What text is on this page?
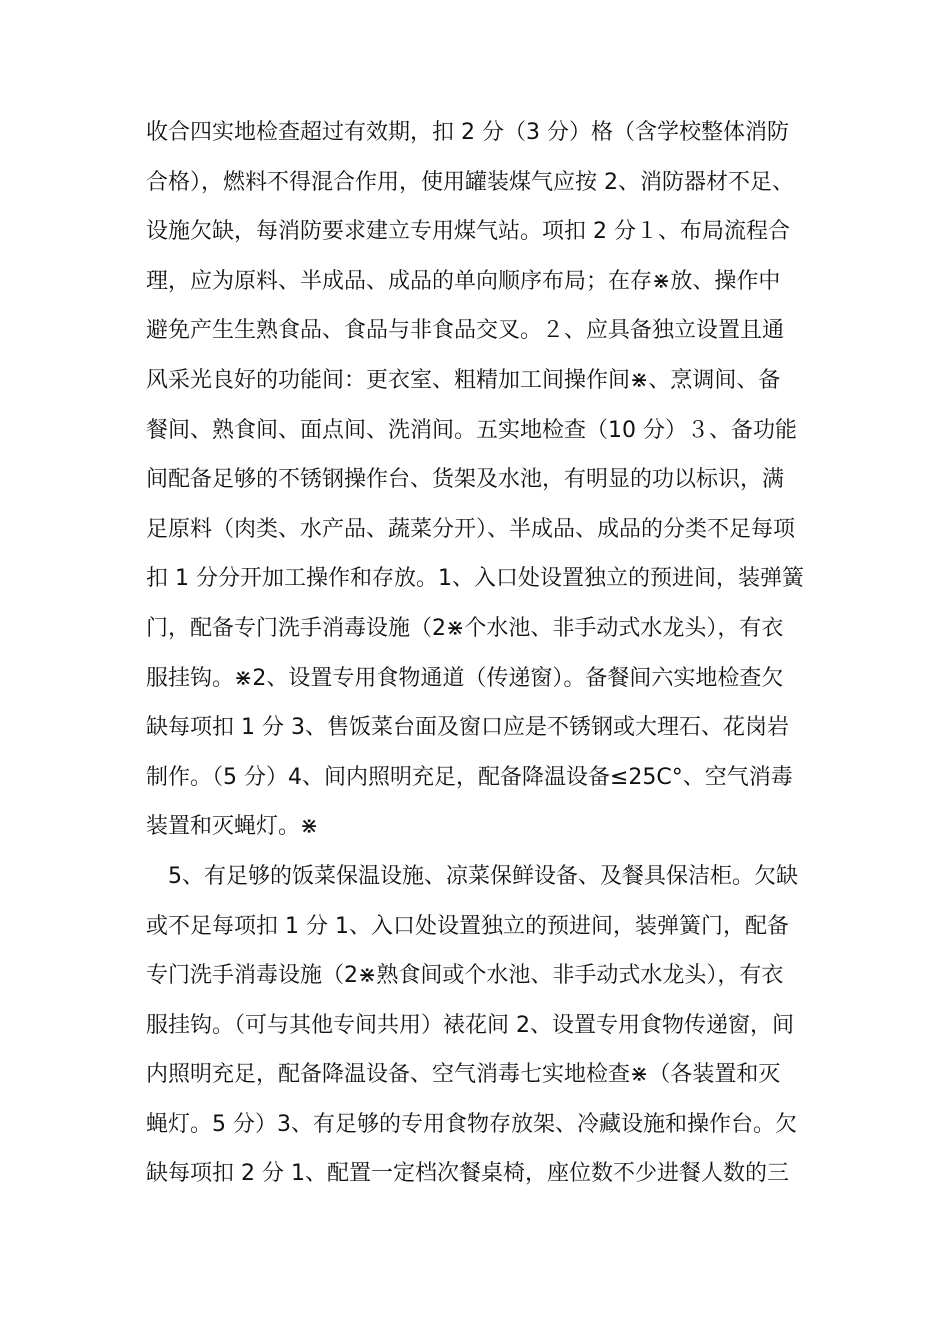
收合四实地检查超过有效期，扣 2 分（3 分）格（含学校整体消防
合格），燃料不得混合作用，使用罐装煤气应按 2、消防器材不足、
设施欠缺，每消防要求建立专用煤气站。项扣 2 分１、布局流程合
理，应为原料、半成品、成品的单向顺序布局；在存⋇放、操作中
避免产生生熟食品、食品与非食品交叉。２、应具备独立设置且通
风采光良好的功能间：更衣室、粗精加工间操作间⋇、烹调间、备
餐间、熟食间、面点间、洗消间。五实地检查（10 分）３、备功能
间配备足够的不锈钢操作台、货架及水池，有明显的功以标识，满
足原料（肉类、水产品、蔬菜分开）、半成品、成品的分类不足每项
扣 1 分分开加工操作和存放。1、入口处设置独立的预进间，装弹簧
门，配备专门洗手消毒设施（2⋇个水池、非手动式水龙头），有衣
服挂钩。⋇2、设置专用食物通道（传递窗）。备餐间六实地检查欠
缺每项扣 1 分 3、售饭菜台面及窗口应是不锈钢或大理石、花岗岩
制作。（5 分）4、间内照明充足，配备降温设备≤25C°、空气消毒
装置和灭蝇灯。⋇
　5、有足够的饭菜保温设施、凉菜保鲜设备、及餐具保洁柜。欠缺
或不足每项扣 1 分 1、入口处设置独立的预进间，装弹簧门，配备
专门洗手消毒设施（2⋇熟食间或个水池、非手动式水龙头），有衣
服挂钩。（可与其他专间共用）裱花间 2、设置专用食物传递窗，间
内照明充足，配备降温设备、空气消毒七实地检查⋇（各装置和灭
蝇灯。5 分）3、有足够的专用食物存放架、冷藏设施和操作台。欠
缺每项扣 2 分 1、配置一定档次餐桌椅，座位数不少进餐人数的三
